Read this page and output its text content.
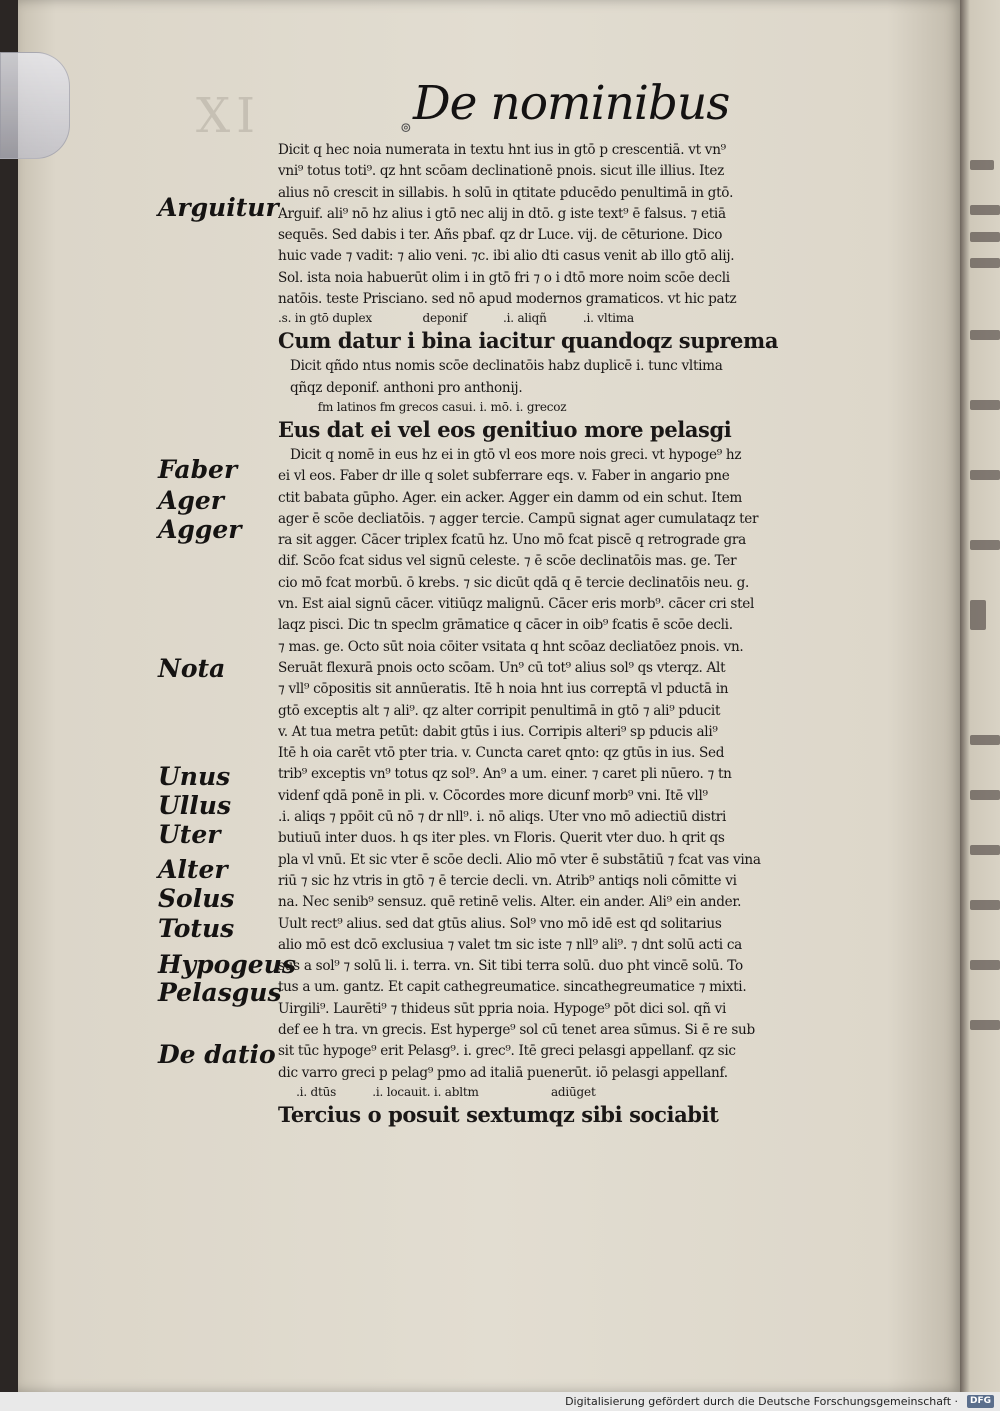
XI	De nominibus
⊚
Arguitur
Faber
Ager
Agger
Nota
Unus
Ullus
Uter
Alter
Solus
Totus
Hypogeus
Pelasgus
De datio
Dicit q hec noia numerata in textu hnt ius in gtō p crescentiā. vt vn⁹
vni⁹ totus toti⁹. qz hnt scōam declinationē pnois. sicut ille illius. Itez
alius nō crescit in sillabis. h solū in qtitate pducēdo penultimā in gtō.
Arguif. ali⁹ nō hz alius i gtō nec alij in dtō. g iste text⁹ ē falsus. ⁊ etiā
sequēs. Sed dabis i ter. Añs pbaf. qz dr Luce. vij. de cēturione. Dico
huic vade ⁊ vadit: ⁊ alio veni. ⁊c. ibi alio dti casus venit ab illo gtō alij.
Sol. ista noia habuerūt olim i in gtō fri ⁊ o i dtō more noim scōe decli
natōis. teste Prisciano. sed nō apud modernos gramaticos. vt hic patz
.s. in gtō duplex              deponif          .i. aliqñ          .i. vltima
Cum datur i bina iacitur quandoqz suprema
Dicit qñdo ntus nomis scōe declinatōis habz duplicē i. tunc vltima
qñqz deponif. anthoni pro anthonij.
fm latinos fm grecos casui. i. mō. i. grecoz
Eus dat ei vel eos genitiuo more pelasgi
Dicit q nomē in eus hz ei in gtō vl eos more nois greci. vt hypoge⁹ hz
ei vl eos. Faber dr ille q solet subferrare eqs. v. Faber in angario pne
ctit babata gūpho. Ager. ein acker. Agger ein damm od ein schut. Item
ager ē scōe decliatōis. ⁊ agger tercie. Campū signat ager cumulataqz ter
ra sit agger. Cācer triplex fcatū hz. Uno mō fcat piscē q retrograde gra
dif. Scōo fcat sidus vel signū celeste. ⁊ ē scōe declinatōis mas. ge. Ter
cio mō fcat morbū. ō krebs. ⁊ sic dicūt qdā q ē tercie declinatōis neu. g.
vn. Est aial signū cācer. vitiūqz malignū. Cācer eris morb⁹. cācer cri stel
laqz pisci. Dic tn speclm grāmatice q cācer in oib⁹ fcatis ē scōe decli.
⁊ mas. ge. Octo sūt noia cōiter vsitata q hnt scōaz decliatōez pnois. vn.
Seruāt flexurā pnois octo scōam. Un⁹ cū tot⁹ alius sol⁹ qs vterqz. Alt
⁊ vll⁹ cōpositis sit annūeratis. Itē h noia hnt ius correptā vl pductā in
gtō exceptis alt ⁊ ali⁹. qz alter corripit penultimā in gtō ⁊ ali⁹ pducit
v. At tua metra petūt: dabit gtūs i ius. Corripis alteri⁹ sp pducis ali⁹
Itē h oia carēt vtō pter tria. v. Cuncta caret qnto: qz gtūs in ius. Sed
trib⁹ exceptis vn⁹ totus qz sol⁹. An⁹ a um. einer. ⁊ caret pli nūero. ⁊ tn
videnf qdā ponē in pli. v. Cōcordes more dicunf morb⁹ vni. Itē vll⁹
.i. aliqs ⁊ ppōit cū nō ⁊ dr nll⁹. i. nō aliqs. Uter vno mō adiectiū distri
butiuū inter duos. h qs iter ples. vn Floris. Querit vter duo. h qrit qs
pla vl vnū. Et sic vter ē scōe decli. Alio mō vter ē substātiū ⁊ fcat vas vina
riū ⁊ sic hz vtris in gtō ⁊ ē tercie decli. vn. Atrib⁹ antiqs noli cōmitte vi
na. Nec senib⁹ sensuz. quē retinē velis. Alter. ein ander. Ali⁹ ein ander.
Uult rect⁹ alius. sed dat gtūs alius. Sol⁹ vno mō idē est qd solitarius
alio mō est dcō exclusiua ⁊ valet tm sic iste ⁊ nll⁹ ali⁹. ⁊ dnt solū acti ca
sus a sol⁹ ⁊ solū li. i. terra. vn. Sit tibi terra solū. duo pht vincē solū. To
tus a um. gantz. Et capit cathegreumatice. sincathegreumatice ⁊ mixti.
Uirgili⁹. Laurēti⁹ ⁊ thideus sūt ppria noia. Hypoge⁹ pōt dici sol. qñ vi
def ee h tra. vn grecis. Est hyperge⁹ sol cū tenet area sūmus. Si ē re sub
sit tūc hypoge⁹ erit Pelasg⁹. i. grec⁹. Itē greci pelasgi appellanf. qz sic
dic varro greci p pelag⁹ pmo ad italiā puenerūt. iō pelasgi appellanf.
.i. dtūs          .i. locauit. i. abltm                    adiūget
Tercius o posuit sextumqz sibi sociabit
Digitalisierung gefördert durch die Deutsche Forschungsgemeinschaft ·	DFG
